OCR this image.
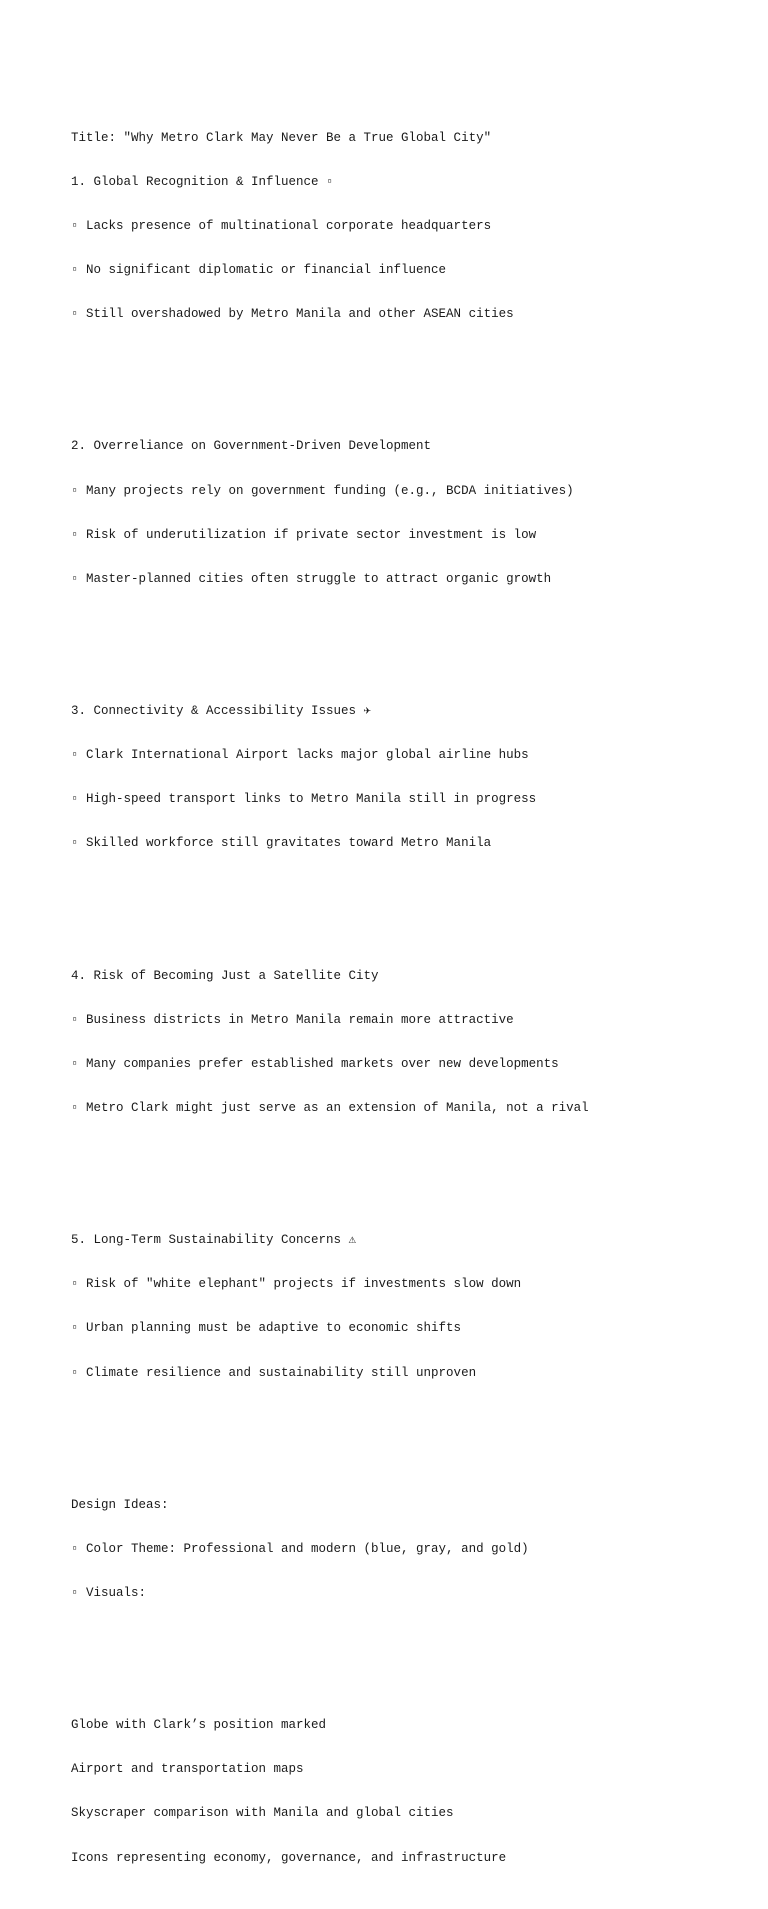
Title: "Why Metro Clark May Never Be a True Global City"

1. Global Recognition & Influence ▫

▫ Lacks presence of multinational corporate headquarters

▫ No significant diplomatic or financial influence

▫ Still overshadowed by Metro Manila and other ASEAN cities

2. Overreliance on Government-Driven Development

▫ Many projects rely on government funding (e.g., BCDA initiatives)

▫ Risk of underutilization if private sector investment is low

▫ Master-planned cities often struggle to attract organic growth

3. Connectivity & Accessibility Issues ✈

▫ Clark International Airport lacks major global airline hubs

▫ High-speed transport links to Metro Manila still in progress

▫ Skilled workforce still gravitates toward Metro Manila

4. Risk of Becoming Just a Satellite City

▫ Business districts in Metro Manila remain more attractive

▫ Many companies prefer established markets over new developments

▫ Metro Clark might just serve as an extension of Manila, not a rival

5. Long-Term Sustainability Concerns ⚠

▫ Risk of "white elephant" projects if investments slow down

▫ Urban planning must be adaptive to economic shifts

▫ Climate resilience and sustainability still unproven

Design Ideas:

▫ Color Theme: Professional and modern (blue, gray, and gold)

▫ Visuals:

Globe with Clark’s position marked

Airport and transportation maps

Skyscraper comparison with Manila and global cities

Icons representing economy, governance, and infrastructure
